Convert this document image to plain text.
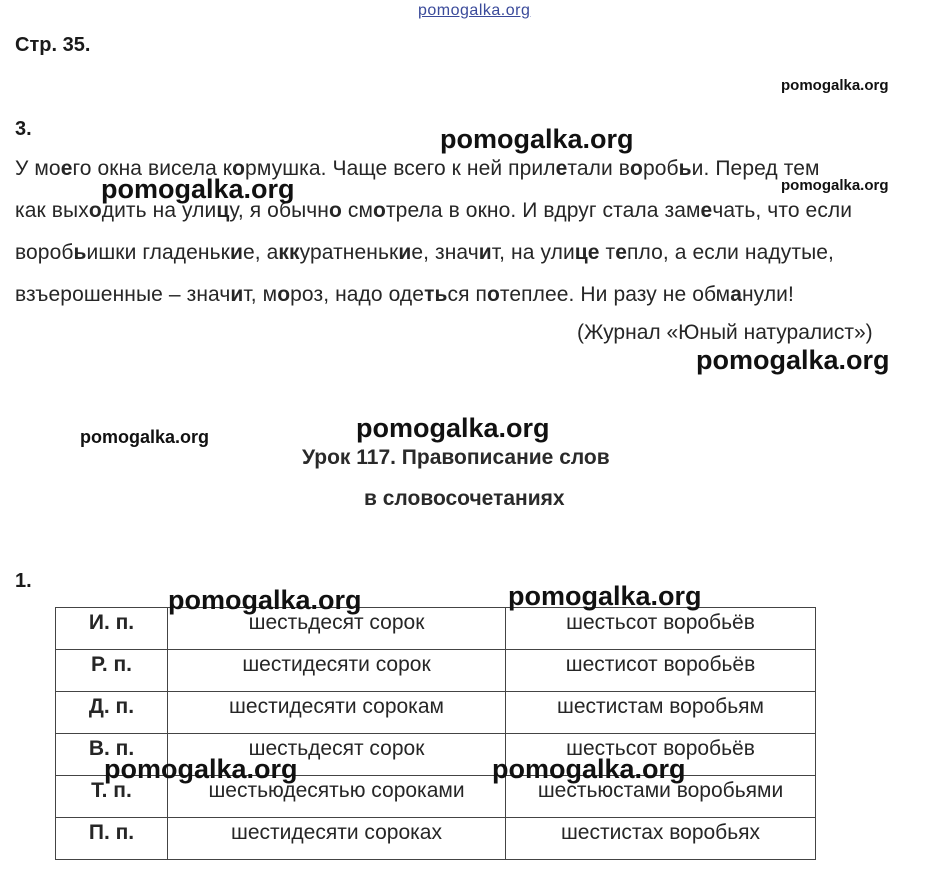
pomogalka.org
Стр. 35.
3.
У моего окна висела кормушка. Чаще всего к ней прилетали воробьи. Перед тем
как выходить на улицу, я обычно смотрела в окно. И вдруг стала замечать, что если
воробьишки гладенькие, аккуратненькие, значит, на улице тепло, а если надутые,
взъерошенные – значит, мороз, надо одеться потеплее. Ни разу не обманули!
(Журнал «Юный натуралист»)
Урок 117. Правописание слов
в словосочетаниях
1.
И. п.	шестьдесят сорок	шестьсот воробьёв
Р. п.	шестидесяти сорок	шестисот воробьёв
Д. п.	шестидесяти сорокам	шестистам воробьям
В. п.	шестьдесят сорок	шестьсот воробьёв
Т. п.	шестьюдесятью сороками	шестьюстами воробьями
П. п.	шестидесяти сороках	шестистах воробьях
pomogalka.org
pomogalka.org
pomogalka.org	pomogalka.org
pomogalka.org
pomogalka.org	pomogalka.org
pomogalka.org	pomogalka.org
pomogalka.org	pomogalka.org
